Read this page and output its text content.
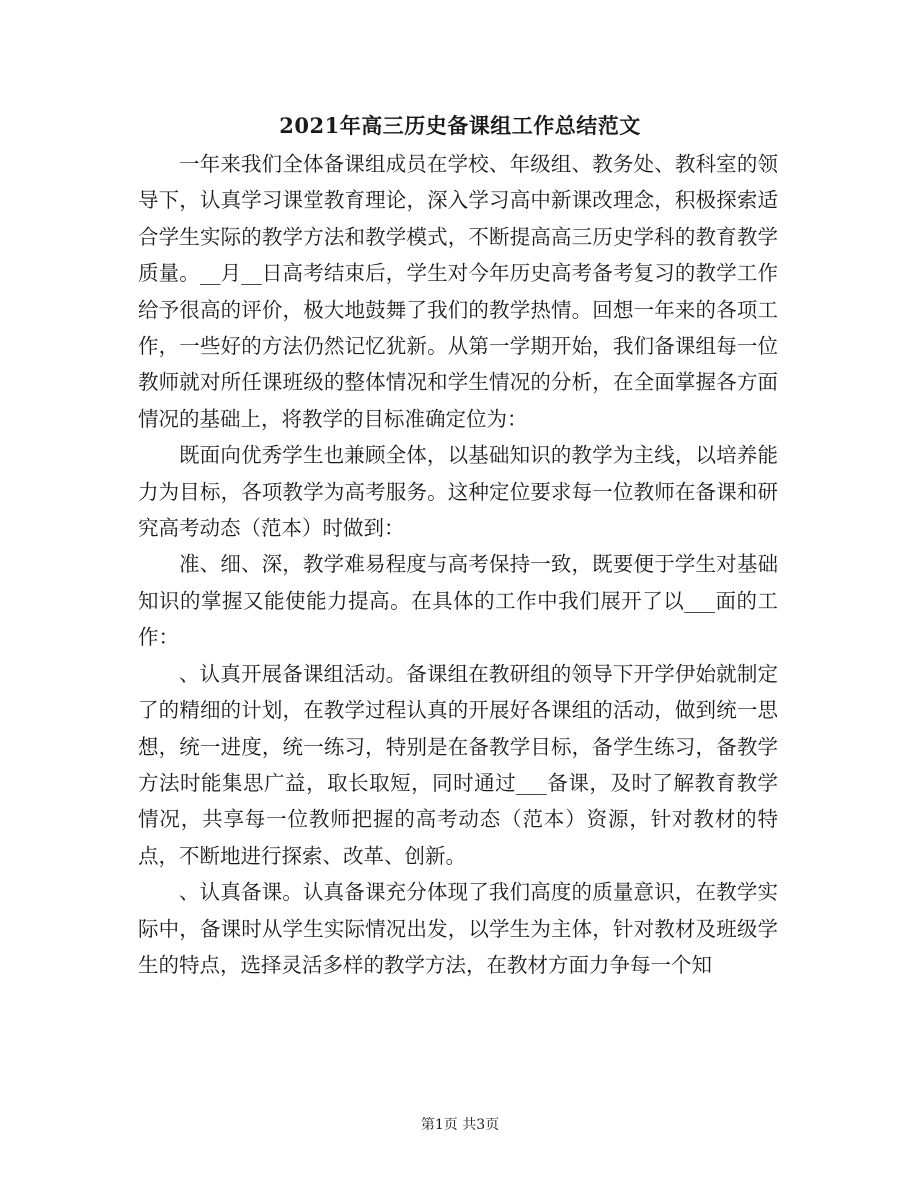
2021年高三历史备课组工作总结范文

一年来我们全体备课组成员在学校、年级组、教务处、教科室的领导下，认真学习课堂教育理论，深入学习高中新课改理念，积极探索适合学生实际的教学方法和教学模式，不断提高高三历史学科的教育教学质量。__月__日高考结束后，学生对今年历史高考备考复习的教学工作给予很高的评价，极大地鼓舞了我们的教学热情。回想一年来的各项工作，一些好的方法仍然记忆犹新。从第一学期开始，我们备课组每一位教师就对所任课班级的整体情况和学生情况的分析，在全面掌握各方面情况的基础上，将教学的目标准确定位为：

既面向优秀学生也兼顾全体，以基础知识的教学为主线，以培养能力为目标，各项教学为高考服务。这种定位要求每一位教师在备课和研究高考动态（范本）时做到：

准、细、深，教学难易程度与高考保持一致，既要便于学生对基础知识的掌握又能使能力提高。在具体的工作中我们展开了以___面的工作：

、认真开展备课组活动。备课组在教研组的领导下开学伊始就制定了的精细的计划，在教学过程认真的开展好各课组的活动，做到统一思想，统一进度，统一练习，特别是在备教学目标，备学生练习，备教学方法时能集思广益，取长取短，同时通过___备课，及时了解教育教学情况，共享每一位教师把握的高考动态（范本）资源，针对教材的特点，不断地进行探索、改革、创新。

、认真备课。认真备课充分体现了我们高度的质量意识，在教学实际中，备课时从学生实际情况出发，以学生为主体，针对教材及班级学生的特点，选择灵活多样的教学方法，在教材方面力争每一个知

第1页 共3页
